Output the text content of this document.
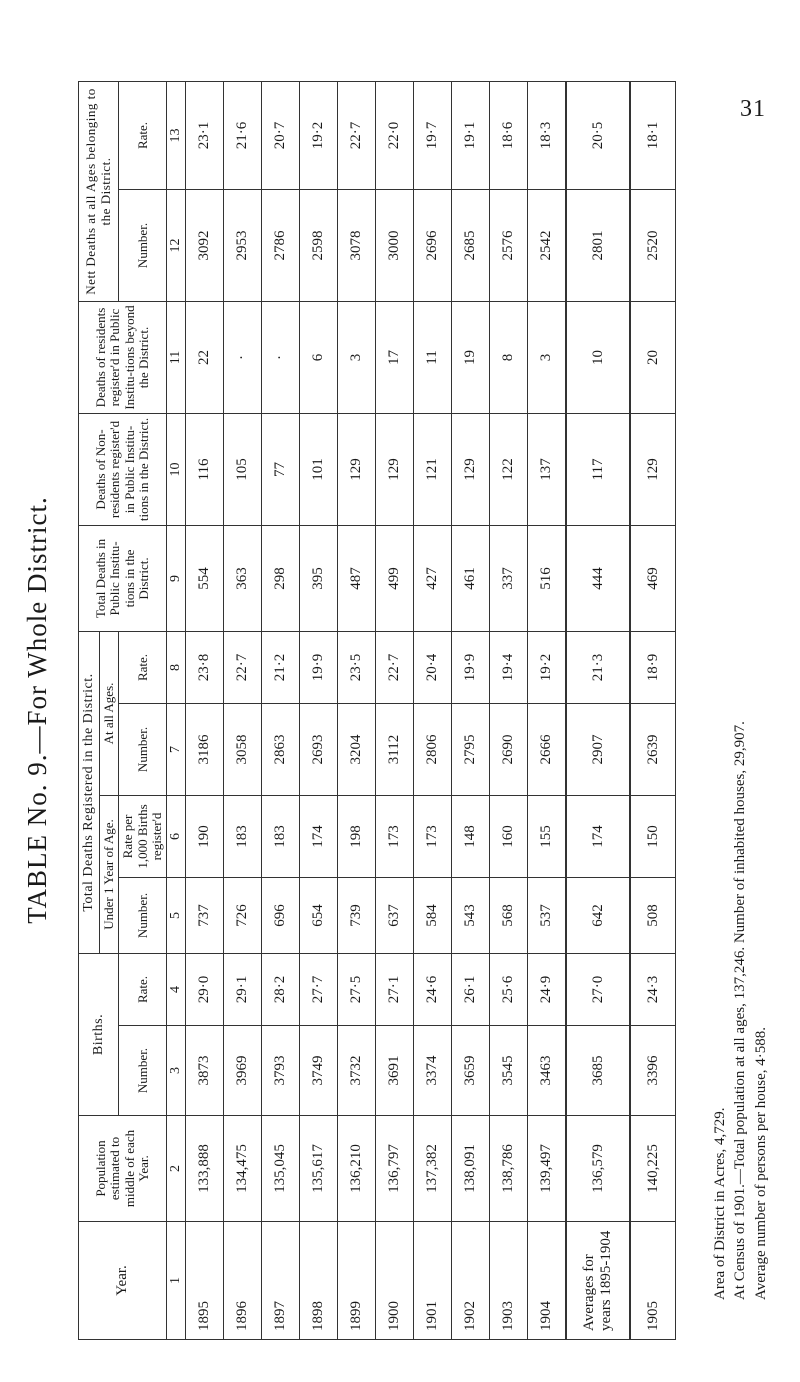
31
TABLE No. 9.—For Whole District.
Year.	Population estimated to middle of each Year.	Births.		Total Deaths Registered in the District.				Total Deaths in Public Institu-tions in the District.	Deaths of Non-residents register'd in Public Institu-tions in the District.	Deaths of residents register'd in Public Institu-tions beyond the District.	Nett Deaths at all Ages belonging to the District.	
				Under 1 Year of Age.		At all Ages.						
		Number.	Rate.	Number.	Rate per 1,000 Births register'd	Number.	Rate.				Number.	Rate.
1	2	3	4	5	6	7	8	9	10	11	12	13
1895	133,888	3873	29·0	737	190	3186	23·8	554	116	22	3092	23·1
1896	134,475	3969	29·1	726	183	3058	22·7	363	105	·	2953	21·6
1897	135,045	3793	28·2	696	183	2863	21·2	298	77	·	2786	20·7
1898	135,617	3749	27·7	654	174	2693	19·9	395	101	6	2598	19·2
1899	136,210	3732	27·5	739	198	3204	23·5	487	129	3	3078	22·7
1900	136,797	3691	27·1	637	173	3112	22·7	499	129	17	3000	22·0
1901	137,382	3374	24·6	584	173	2806	20·4	427	121	11	2696	19·7
1902	138,091	3659	26·1	543	148	2795	19·9	461	129	19	2685	19·1
1903	138,786	3545	25·6	568	160	2690	19·4	337	122	8	2576	18·6
1904	139,497	3463	24·9	537	155	2666	19·2	516	137	3	2542	18·3
Averages for years 1895-1904	136,579	3685	27·0	642	174	2907	21·3	444	117	10	2801	20·5
1905	140,225	3396	24·3	508	150	2639	18·9	469	129	20	2520	18·1

Area of District in Acres, 4,729. At Census of 1901.—Total population at all ages, 137,246. Number of inhabited houses, 29,907. Average number of persons per house, 4·588.
